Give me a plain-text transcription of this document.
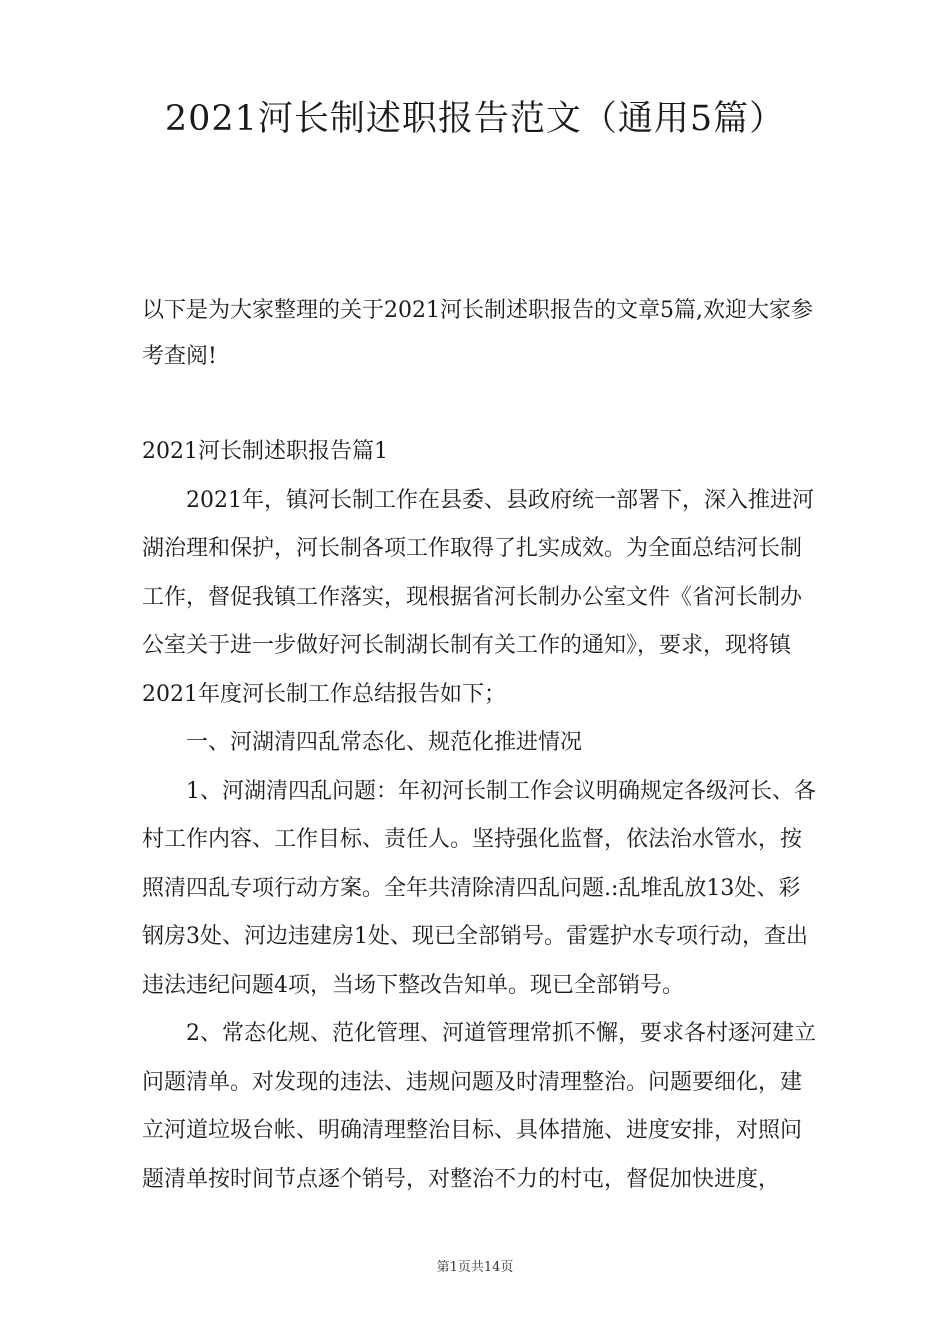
2021河长制述职报告范文（通用5篇）
以下是为大家整理的关于2021河长制述职报告的文章5篇,欢迎大家参考查阅!

2021河长制述职报告篇1

2021年，镇河长制工作在县委、县政府统一部署下，深入推进河湖治理和保护，河长制各项工作取得了扎实成效。为全面总结河长制工作，督促我镇工作落实，现根据省河长制办公室文件《省河长制办公室关于进一步做好河长制湖长制有关工作的通知》，要求，现将镇2021年度河长制工作总结报告如下；

一、河湖清四乱常态化、规范化推进情况

1、河湖清四乱问题：年初河长制工作会议明确规定各级河长、各村工作内容、工作目标、责任人。坚持强化监督，依法治水管水，按照清四乱专项行动方案。全年共清除清四乱问题.:乱堆乱放13处、彩钢房3处、河边违建房1处、现已全部销号。雷霆护水专项行动，查出违法违纪问题4项，当场下整改告知单。现已全部销号。

2、常态化规、范化管理、河道管理常抓不懈，要求各村逐河建立问题清单。对发现的违法、违规问题及时清理整治。问题要细化，建立河道垃圾台帐、明确清理整治目标、具体措施、进度安排，对照问题清单按时间节点逐个销号，对整治不力的村屯，督促加快进度，

第1页共14页
